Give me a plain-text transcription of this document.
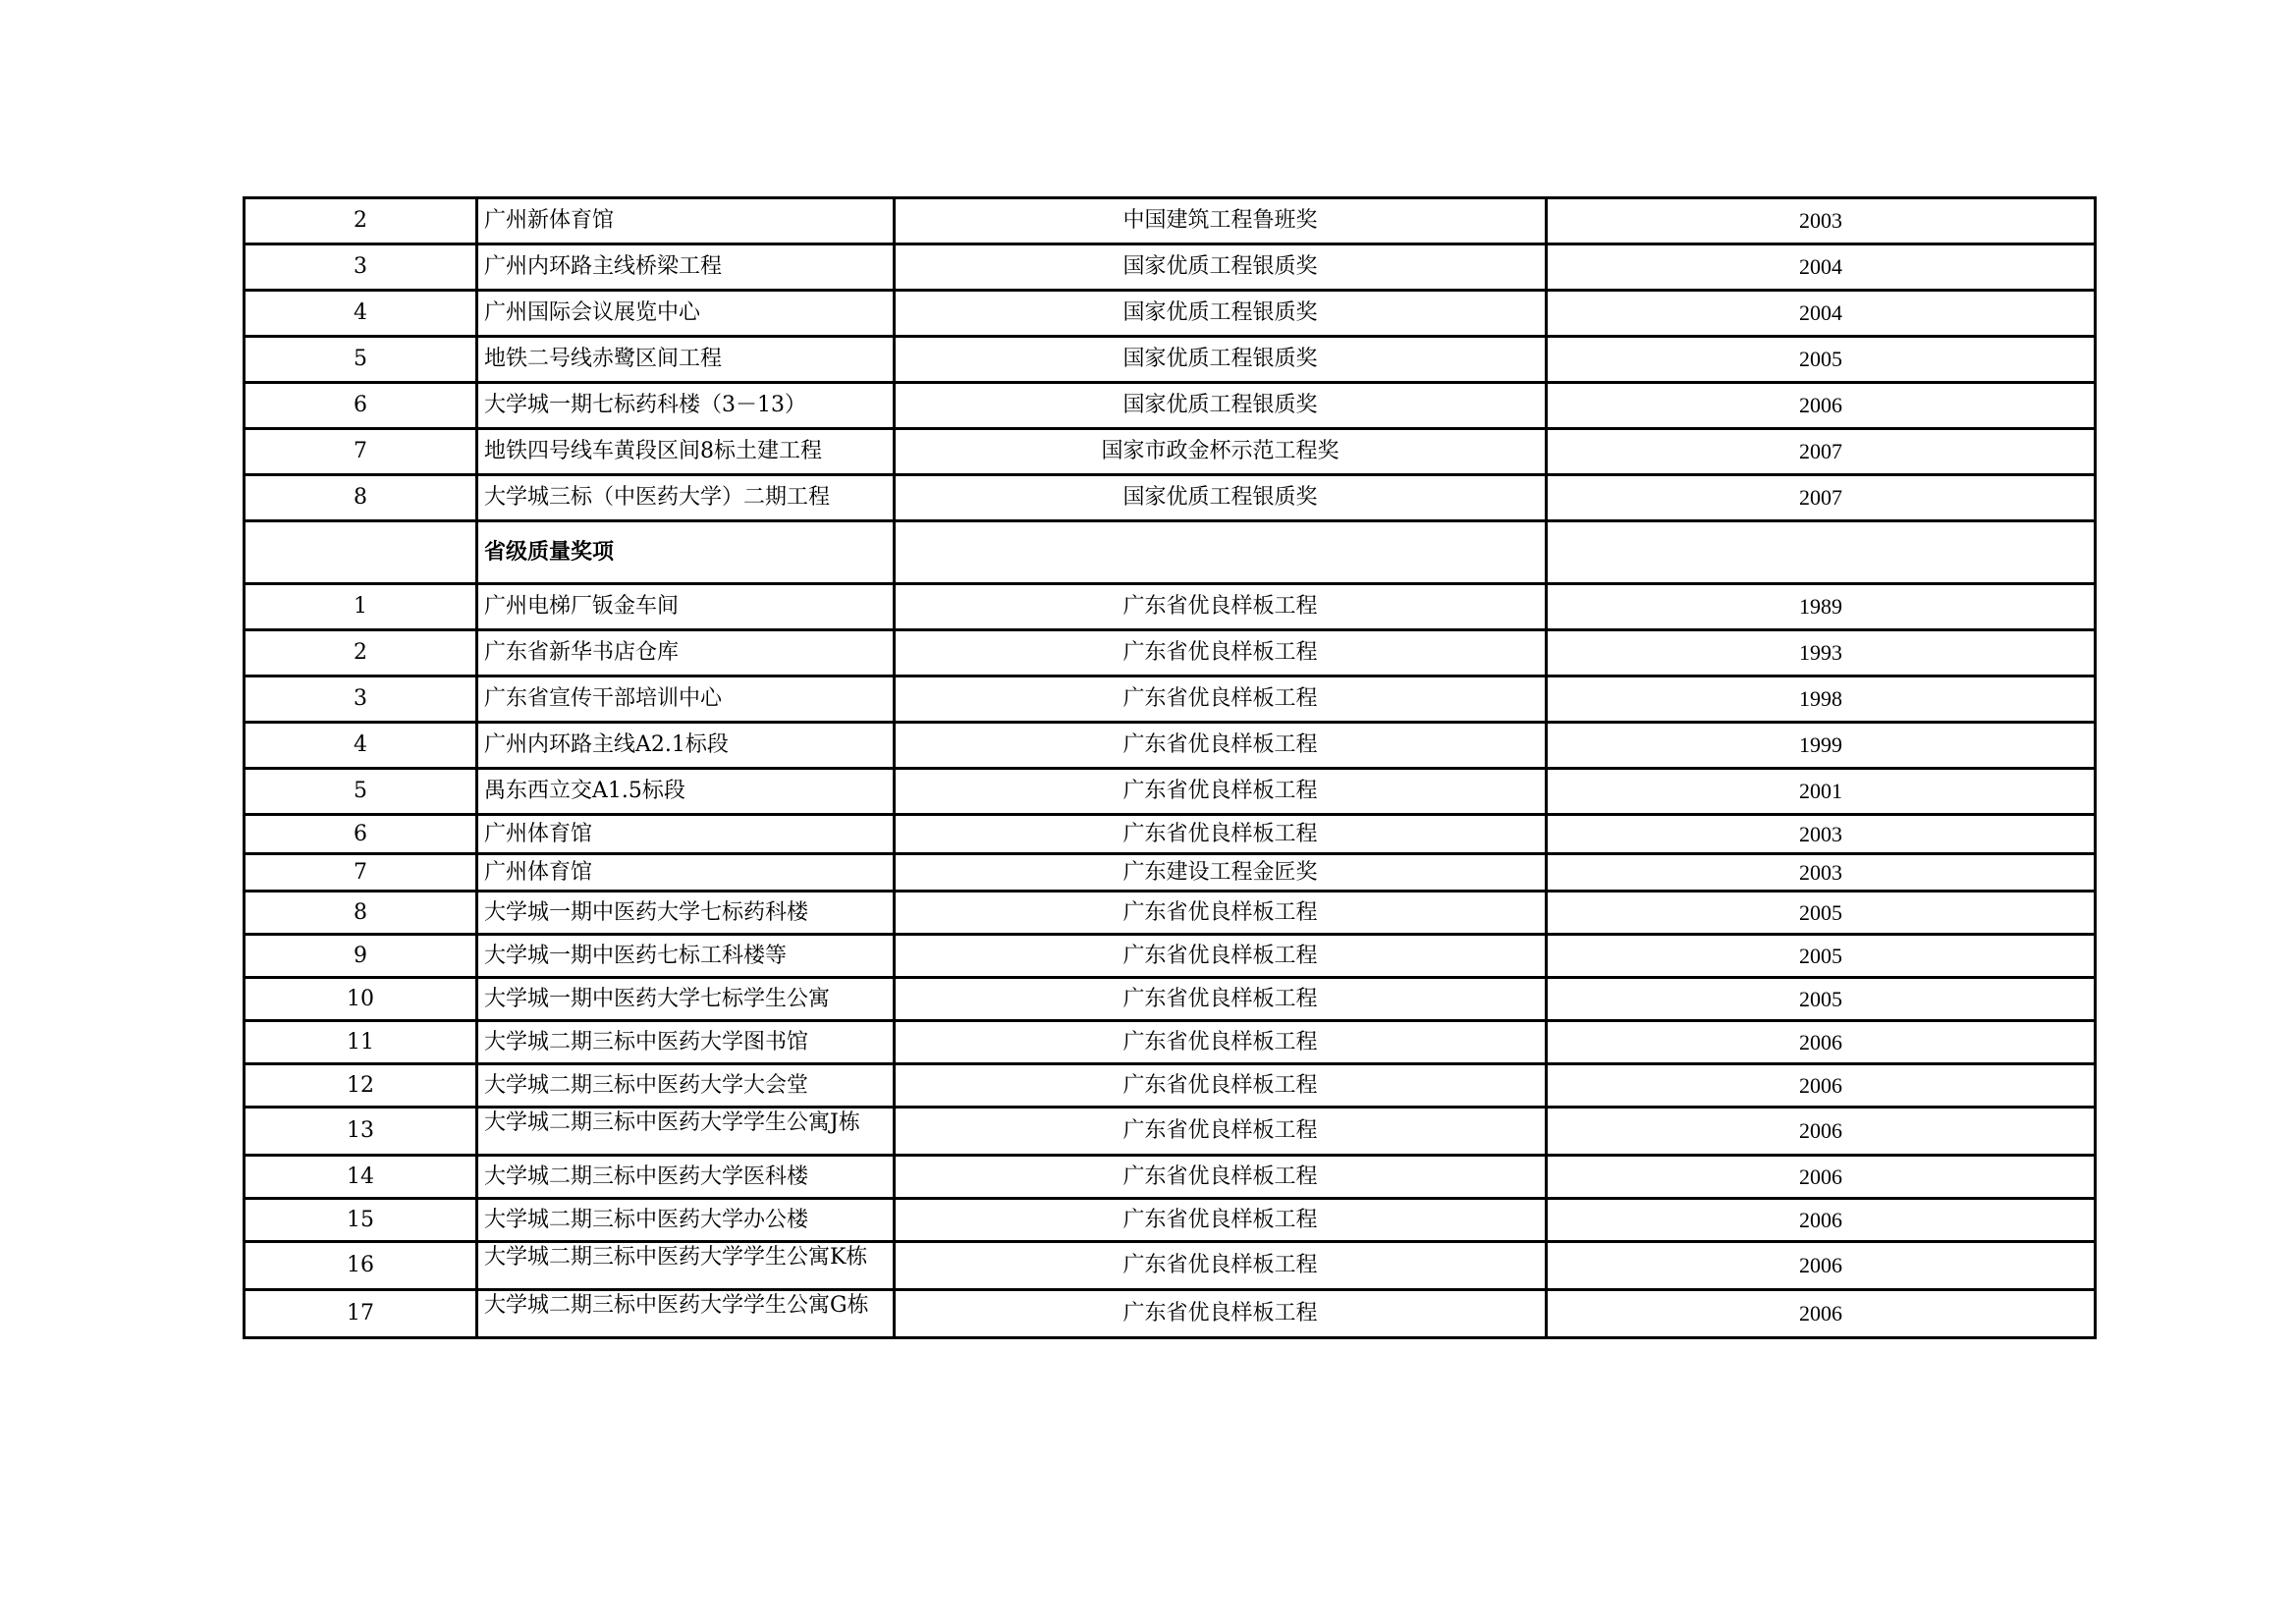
2	广州新体育馆	中国建筑工程鲁班奖	2003
3	广州内环路主线桥梁工程	国家优质工程银质奖	2004
4	广州国际会议展览中心	国家优质工程银质奖	2004
5	地铁二号线赤鹭区间工程	国家优质工程银质奖	2005
6	大学城一期七标药科楼（3－13）	国家优质工程银质奖	2006
7	地铁四号线车黄段区间8标土建工程	国家市政金杯示范工程奖	2007
8	大学城三标（中医药大学）二期工程	国家优质工程银质奖	2007
	省级质量奖项		
1	广州电梯厂钣金车间	广东省优良样板工程	1989
2	广东省新华书店仓库	广东省优良样板工程	1993
3	广东省宣传干部培训中心	广东省优良样板工程	1998
4	广州内环路主线A2.1标段	广东省优良样板工程	1999
5	禺东西立交A1.5标段	广东省优良样板工程	2001
6	广州体育馆	广东省优良样板工程	2003
7	广州体育馆	广东建设工程金匠奖	2003
8	大学城一期中医药大学七标药科楼	广东省优良样板工程	2005
9	大学城一期中医药七标工科楼等	广东省优良样板工程	2005
10	大学城一期中医药大学七标学生公寓	广东省优良样板工程	2005
11	大学城二期三标中医药大学图书馆	广东省优良样板工程	2006
12	大学城二期三标中医药大学大会堂	广东省优良样板工程	2006
13	大学城二期三标中医药大学学生公寓J栋	广东省优良样板工程	2006
14	大学城二期三标中医药大学医科楼	广东省优良样板工程	2006
15	大学城二期三标中医药大学办公楼	广东省优良样板工程	2006
16	大学城二期三标中医药大学学生公寓K栋	广东省优良样板工程	2006
17	大学城二期三标中医药大学学生公寓G栋	广东省优良样板工程	2006
